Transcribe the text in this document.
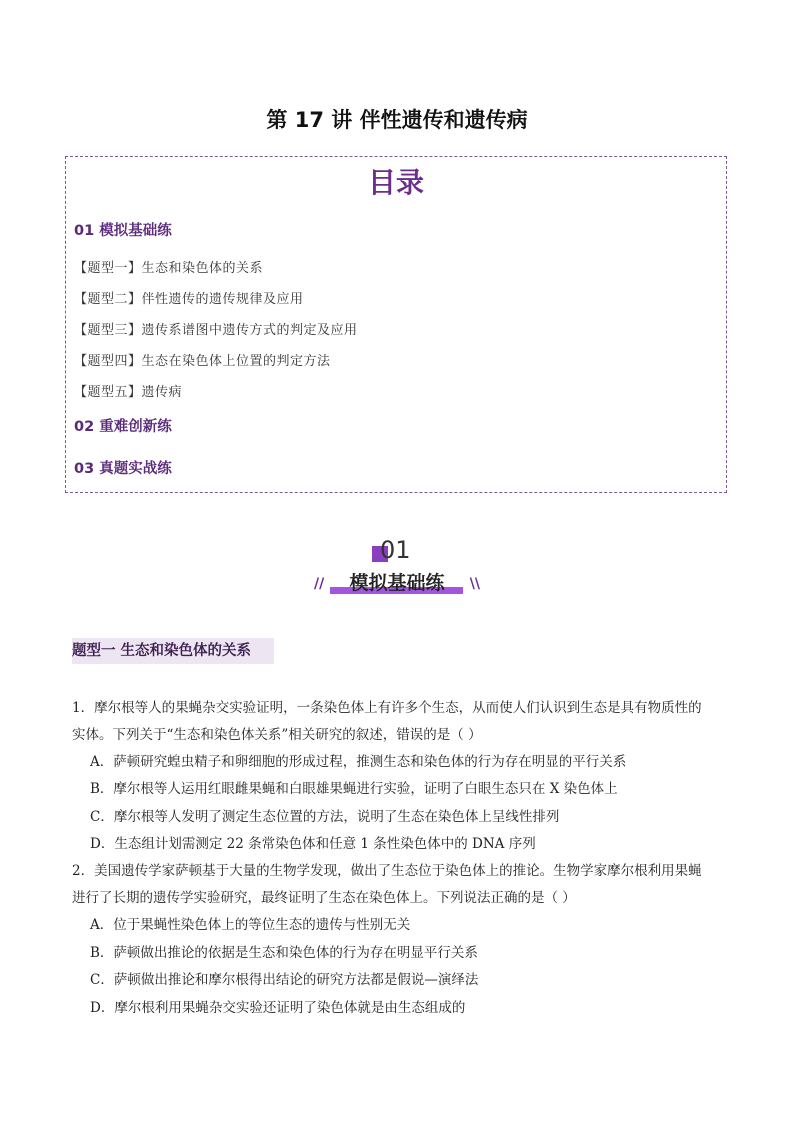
第 17 讲 伴性遗传和遗传病
目录
01 模拟基础练
【题型一】生态和染色体的关系
【题型二】伴性遗传的遗传规律及应用
【题型三】遗传系谱图中遗传方式的判定及应用
【题型四】生态在染色体上位置的判定方法
【题型五】遗传病
02 重难创新练
03 真题实战练
01
//	模拟基础练	\\
题型一 生态和染色体的关系
1．摩尔根等人的果蝇杂交实验证明，一条染色体上有许多个生态，从而使人们认识到生态是具有物质性的
实体。下列关于“生态和染色体关系”相关研究的叙述，错误的是（ ）
A．萨顿研究蝗虫精子和卵细胞的形成过程，推测生态和染色体的行为存在明显的平行关系
B．摩尔根等人运用红眼雌果蝇和白眼雄果蝇进行实验，证明了白眼生态只在 X 染色体上
C．摩尔根等人发明了测定生态位置的方法，说明了生态在染色体上呈线性排列
D．生态组计划需测定 22 条常染色体和任意 1 条性染色体中的 DNA 序列
2．美国遗传学家萨顿基于大量的生物学发现，做出了生态位于染色体上的推论。生物学家摩尔根利用果蝇
进行了长期的遗传学实验研究，最终证明了生态在染色体上。下列说法正确的是（ ）
A．位于果蝇性染色体上的等位生态的遗传与性别无关
B．萨顿做出推论的依据是生态和染色体的行为存在明显平行关系
C．萨顿做出推论和摩尔根得出结论的研究方法都是假说—演绎法
D．摩尔根利用果蝇杂交实验还证明了染色体就是由生态组成的
